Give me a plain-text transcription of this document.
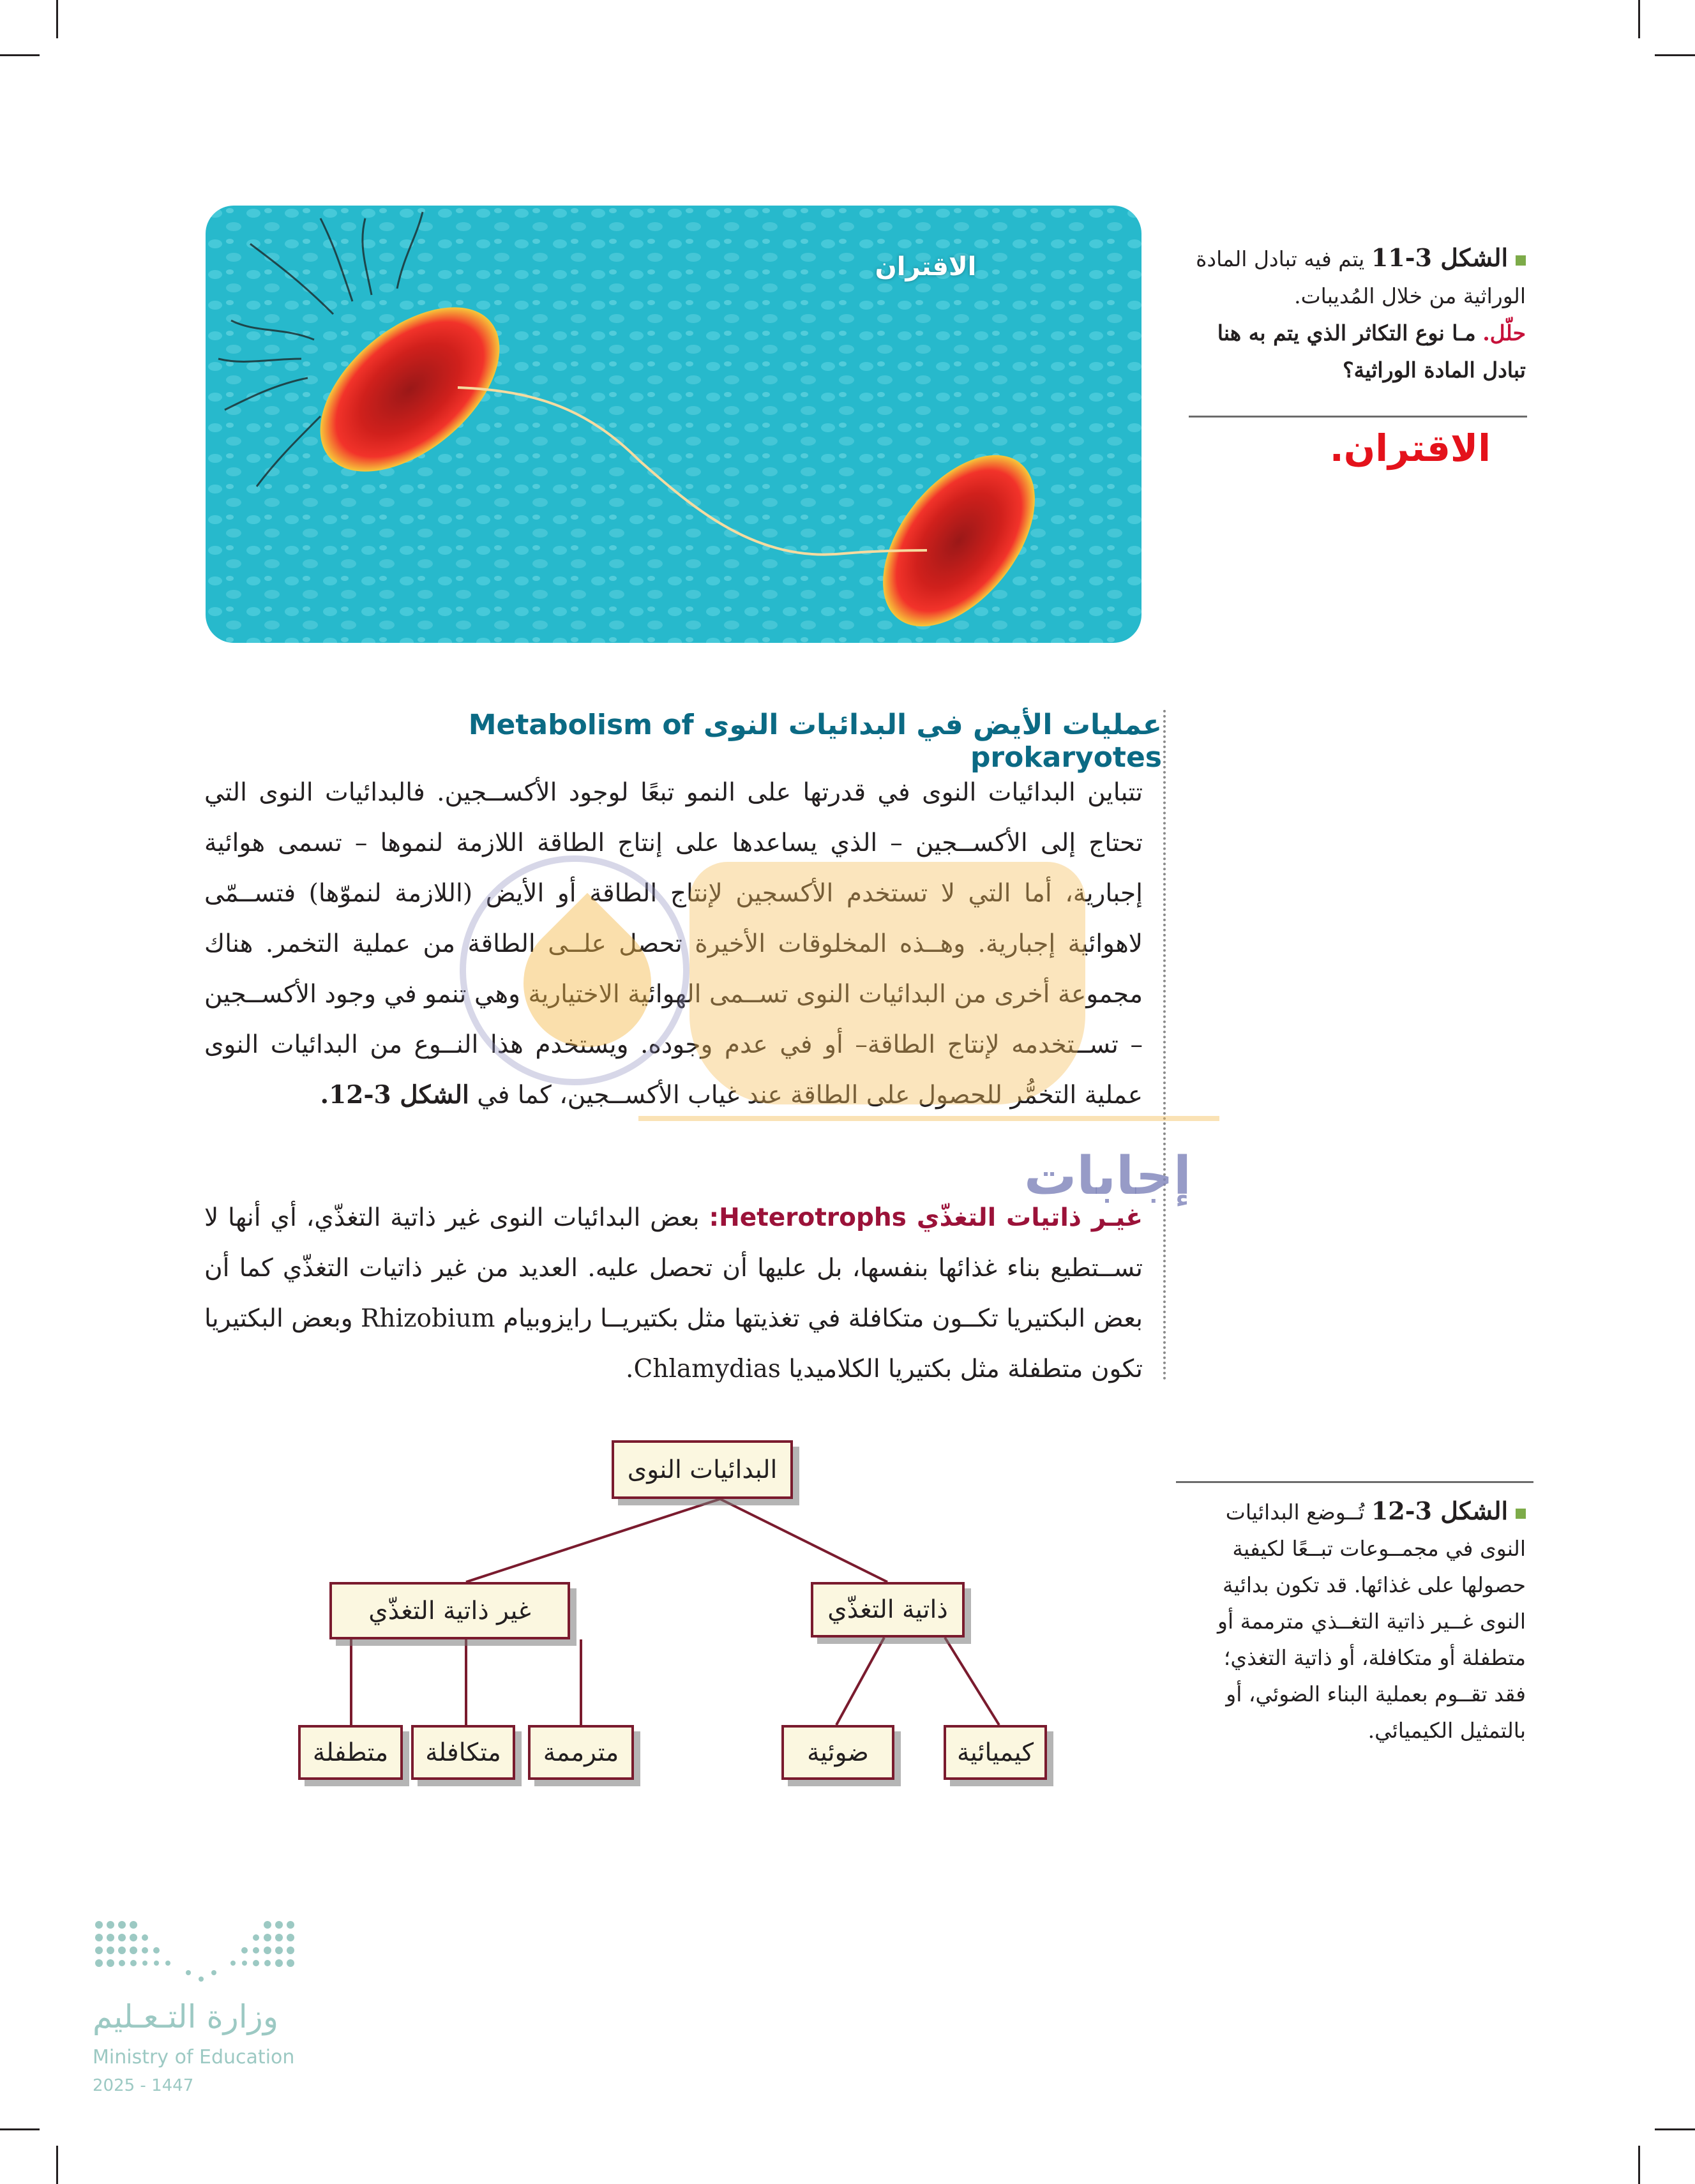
الاقتران	الشكل 3-11 يتم فيه تبادل المادة الوراثية من خلال المُديبات.
حلّل. مـا نوع التكاثر الذي يتم به هنا تبادل المادة الوراثية؟
الاقتران.
عمليات الأيض في البدائيات النوى Metabolism of prokaryotes
تتباين البدائيات النوى في قدرتها على النمو تبعًا لوجود الأكســجين. فالبدائيات النوى التي تحتاج إلى الأكســجين – الذي يساعدها على إنتاج الطاقة اللازمة لنموها – تسمى هوائية إجبارية، أما التي لا تستخدم الأكسجين لإنتاج الطاقة أو الأيض (اللازمة لنموّها) فتســمّى لاهوائية إجبارية. وهــذه المخلوقات الأخيرة تحصل علــى الطاقة من عملية التخمر. هناك مجموعة أخرى من البدائيات النوى تســمى الهوائية الاختيارية وهي تنمو في وجود الأكســجين – تســتخدمه لإنتاج الطاقة– أو في عدم وجوده. ويستخدم هذا النــوع من البدائيات النوى عملية التخمُّر للحصول على الطاقة عند غياب الأكســجين، كما في الشكل 3-12.
غيـر ذاتيات التغذّي Heterotrophs: بعض البدائيات النوى غير ذاتية التغذّي، أي أنها لا تســتطيع بناء غذائها بنفسها، بل عليها أن تحصل عليه. العديد من غير ذاتيات التغذّي كما أن بعض البكتيريا تكــون متكافلة في تغذيتها مثل بكتيريــا رايزوبيام Rhizobium وبعض البكتيريا تكون متطفلة مثل بكتيريا الكلاميديا Chlamydias.
إجابات
البدائيات النوى
غير ذاتية التغذّي	ذاتية التغذّي
متطفلة	متكافلة	مترممة	ضوئية	كيميائية
الشكل 3-12 تُــوضع البدائيات النوى في مجمــوعات تبــعًا لكيفية حصولها على غذائها. قد تكون بدائية النوى غــير ذاتية التغــذي مترممة أو متطفلة أو متكافلة، أو ذاتية التغذي؛ فقد تقــوم بعملية البناء الضوئي، أو بالتمثيل الكيميائي.
وزارة التـعـليم
Ministry of Education
2025 - 1447
